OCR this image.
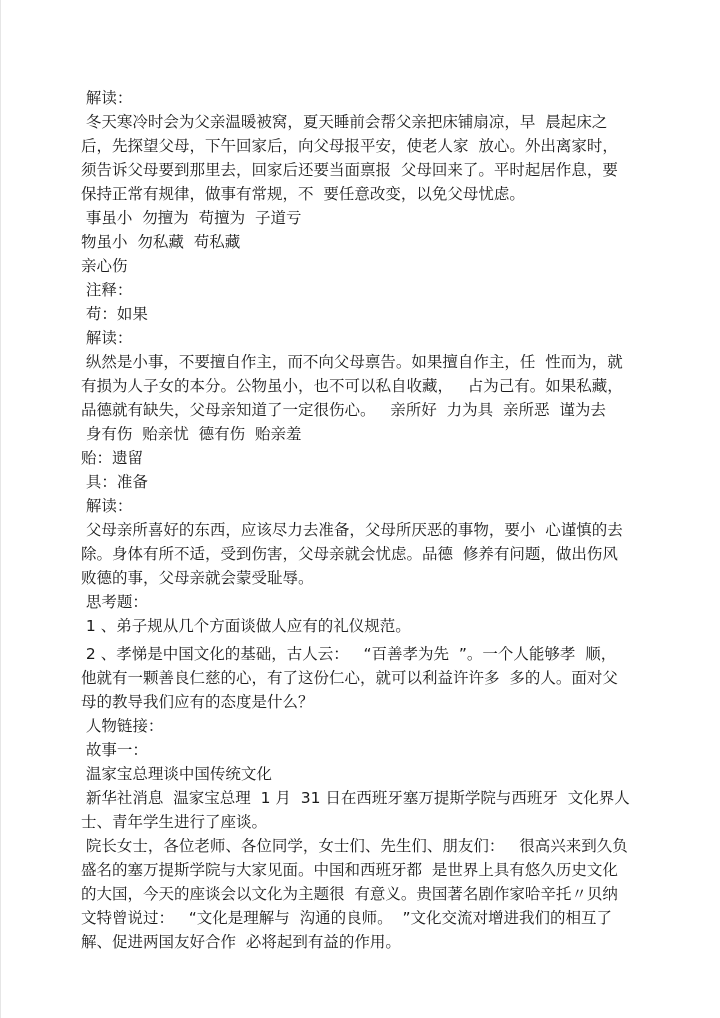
解读：
冬天寒冷时会为父亲温暖被窝，夏天睡前会帮父亲把床铺扇凉，早  晨起床之
后，先探望父母，下午回家后，向父母报平安，使老人家  放心。外出离家时，
须告诉父母要到那里去，回家后还要当面禀报  父母回来了。平时起居作息，要
保持正常有规律，做事有常规，不  要任意改变，以免父母忧虑。
事虽小  勿擅为  苟擅为  子道亏
物虽小  勿私藏  苟私藏
亲心伤
注释：
苟：如果
解读：
纵然是小事，不要擅自作主，而不向父母禀告。如果擅自作主，任  性而为，就
有损为人子女的本分。公物虽小，也不可以私自收藏，   占为己有。如果私藏，
品德就有缺失，父母亲知道了一定很伤心。   亲所好  力为具  亲所恶  谨为去
身有伤  贻亲忧  德有伤  贻亲羞
贻：遗留
具：准备
解读：
父母亲所喜好的东西，应该尽力去准备，父母所厌恶的事物，要小  心谨慎的去
除。身体有所不适，受到伤害，父母亲就会忧虑。品德  修养有问题，做出伤风
败德的事，父母亲就会蒙受耻辱。
思考题：
1 、弟子规从几个方面谈做人应有的礼仪规范。
2 、孝悌是中国文化的基础，古人云：   “百善孝为先  ”。一个人能够孝  顺，
他就有一颗善良仁慈的心，有了这份仁心，就可以利益许许多  多的人。面对父
母的教导我们应有的态度是什么？
人物链接：
故事一：
温家宝总理谈中国传统文化
新华社消息  温家宝总理  1 月  31 日在西班牙塞万提斯学院与西班牙  文化界人
士、青年学生进行了座谈。
院长女士，各位老师、各位同学，女士们、先生们、朋友们：   很高兴来到久负
盛名的塞万提斯学院与大家见面。中国和西班牙都  是世界上具有悠久历史文化
的大国，今天的座谈会以文化为主题很  有意义。贵国著名剧作家哈辛托〃贝纳
文特曾说过：   “文化是理解与  沟通的良师。  ”文化交流对增进我们的相互了
解、促进两国友好合作  必将起到有益的作用。
